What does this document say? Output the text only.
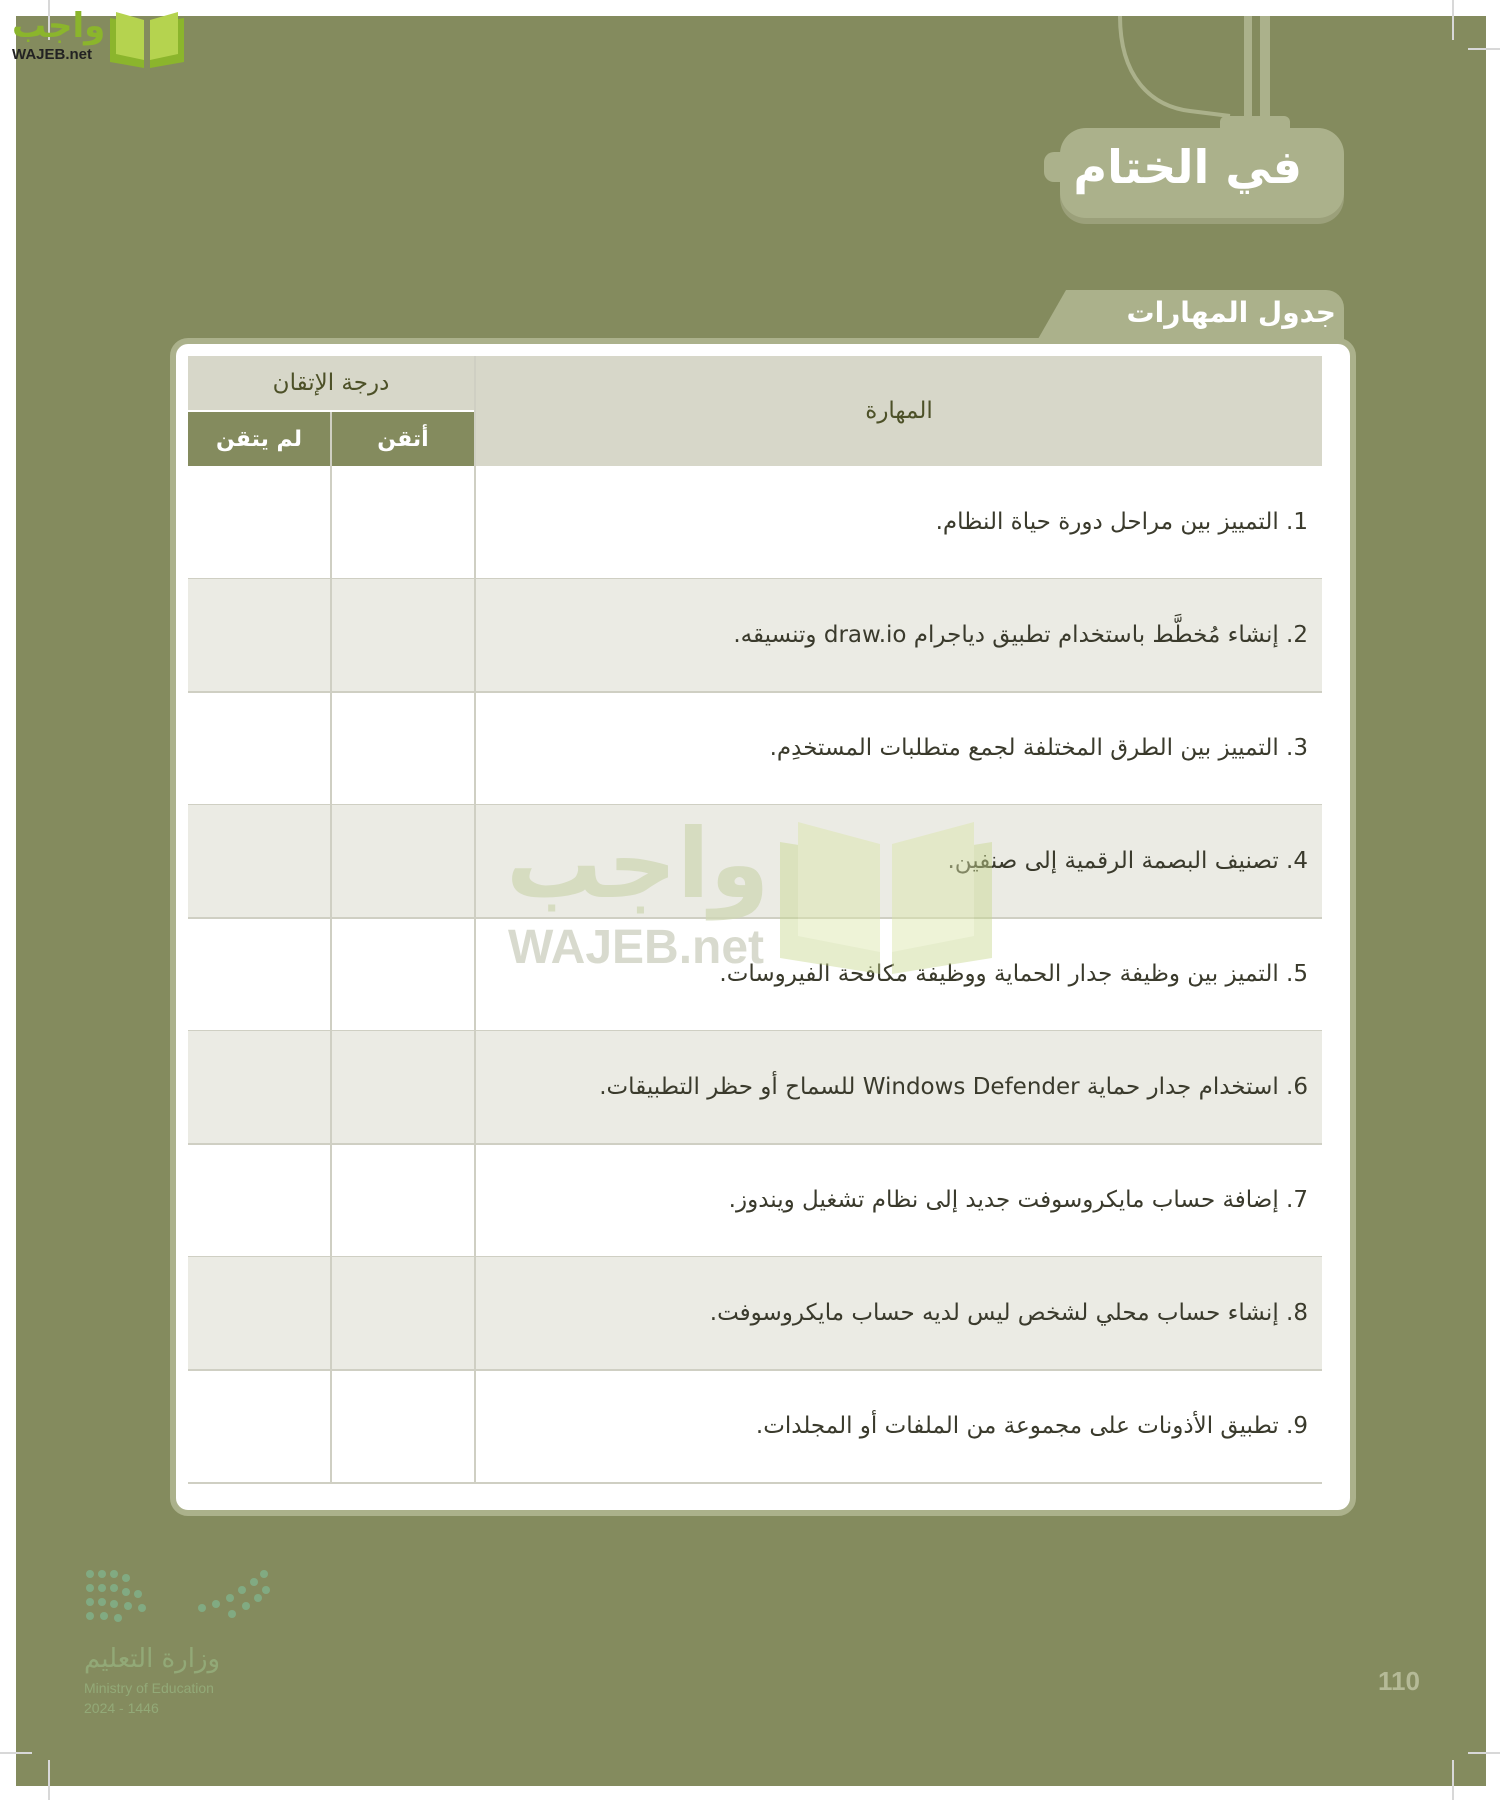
واجب
WAJEB.net
في الختام
جدول المهارات
المهارة
درجة الإتقان
أتقن
لم يتقن
1. التمييز بين مراحل دورة حياة النظام.
2. إنشاء مُخطَّط باستخدام تطبيق دياجرام draw.io وتنسيقه.
3. التمييز بين الطرق المختلفة لجمع متطلبات المستخدِم.
4. تصنيف البصمة الرقمية إلى صنفين.
5. التميز بين وظيفة جدار الحماية ووظيفة مكافحة الفيروسات.
6. استخدام جدار حماية Windows Defender للسماح أو حظر التطبيقات.
7. إضافة حساب مايكروسوفت جديد إلى نظام تشغيل ويندوز.
8. إنشاء حساب محلي لشخص ليس لديه حساب مايكروسوفت.
9. تطبيق الأذونات على مجموعة من الملفات أو المجلدات.
واجب
WAJEB.net
وزارة التعليم
Ministry of Education
2024 - 1446
110
